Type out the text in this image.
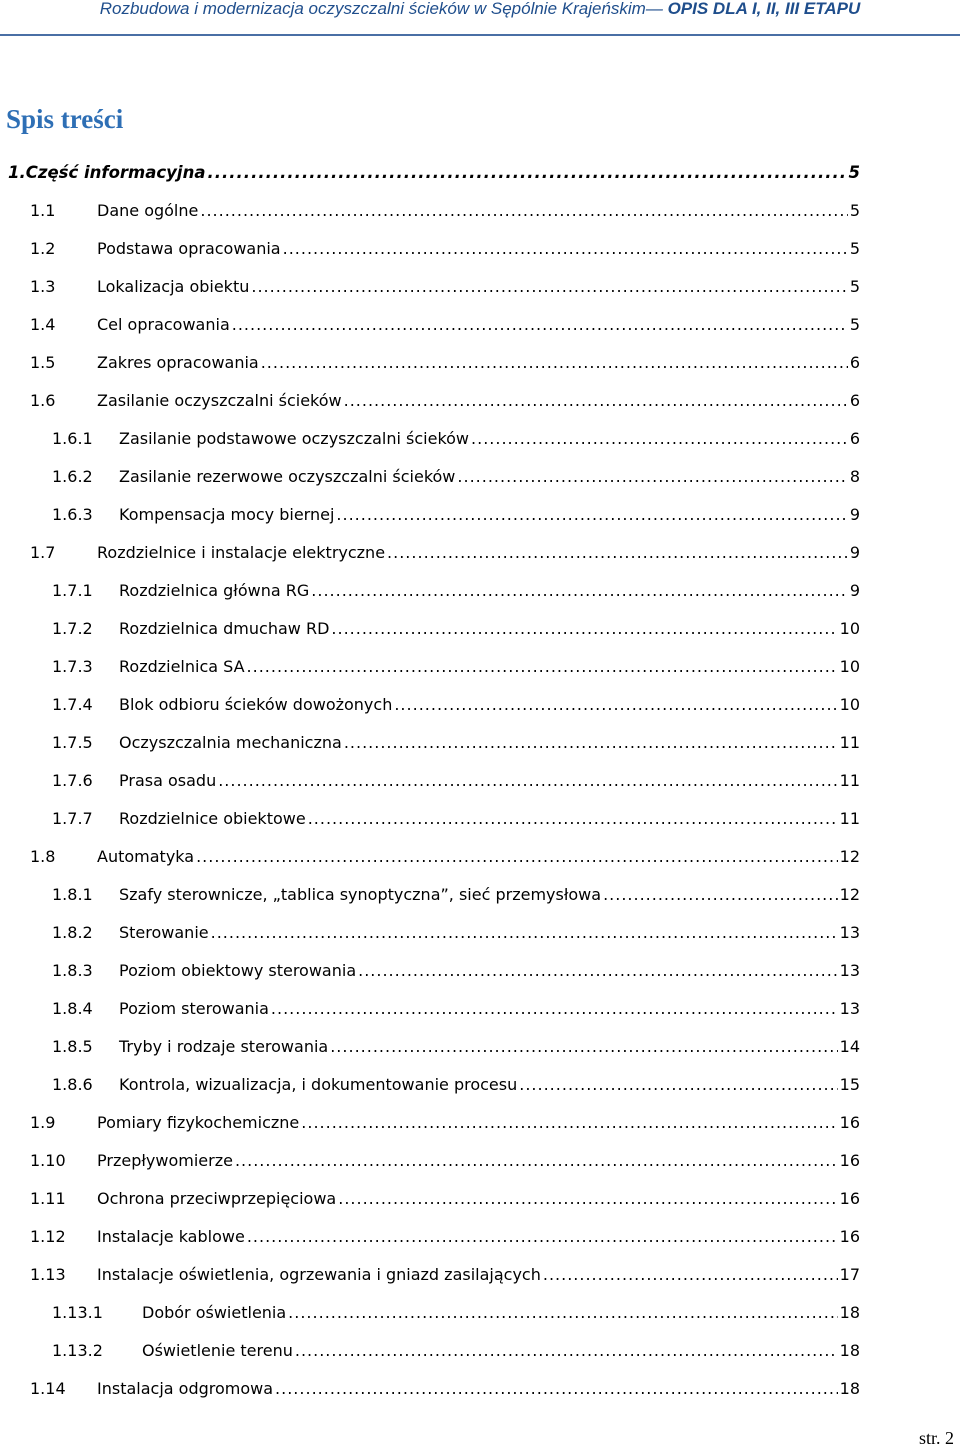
Rozbudowa i modernizacja oczyszczalni ścieków w Sępólnie Krajeńskim— OPIS DLA I, II, III ETAPU
Spis treści
1. Część informacyjna .....	5
1.1	Dane ogólne .....	5
1.2	Podstawa opracowania .....	5
1.3	Lokalizacja obiektu .....	5
1.4	Cel opracowania .....	5
1.5	Zakres opracowania .....	6
1.6	Zasilanie oczyszczalni ścieków .....	6
1.6.1	Zasilanie podstawowe oczyszczalni ścieków .....	6
1.6.2	Zasilanie rezerwowe oczyszczalni ścieków .....	8
1.6.3	Kompensacja mocy biernej .....	9
1.7	Rozdzielnice i instalacje elektryczne .....	9
1.7.1	Rozdzielnica główna RG .....	9
1.7.2	Rozdzielnica dmuchaw RD .....	10
1.7.3	Rozdzielnica SA .....	10
1.7.4	Blok odbioru ścieków dowożonych .....	10
1.7.5	Oczyszczalnia mechaniczna .....	11
1.7.6	Prasa osadu .....	11
1.7.7	Rozdzielnice obiektowe .....	11
1.8	Automatyka .....	12
1.8.1	Szafy sterownicze, „tablica synoptyczna”, sieć przemysłowa .....	12
1.8.2	Sterowanie .....	13
1.8.3	Poziom obiektowy sterowania .....	13
1.8.4	Poziom sterowania .....	13
1.8.5	Tryby i rodzaje sterowania .....	14
1.8.6	Kontrola, wizualizacja, i dokumentowanie procesu .....	15
1.9	Pomiary fizykochemiczne .....	16
1.10	Przepływomierze .....	16
1.11	Ochrona przeciwprzepięciowa .....	16
1.12	Instalacje kablowe .....	16
1.13	Instalacje oświetlenia, ogrzewania i gniazd zasilających .....	17
1.13.1	Dobór oświetlenia .....	18
1.13.2	Oświetlenie terenu .....	18
1.14	Instalacja odgromowa .....	18
str. 2
